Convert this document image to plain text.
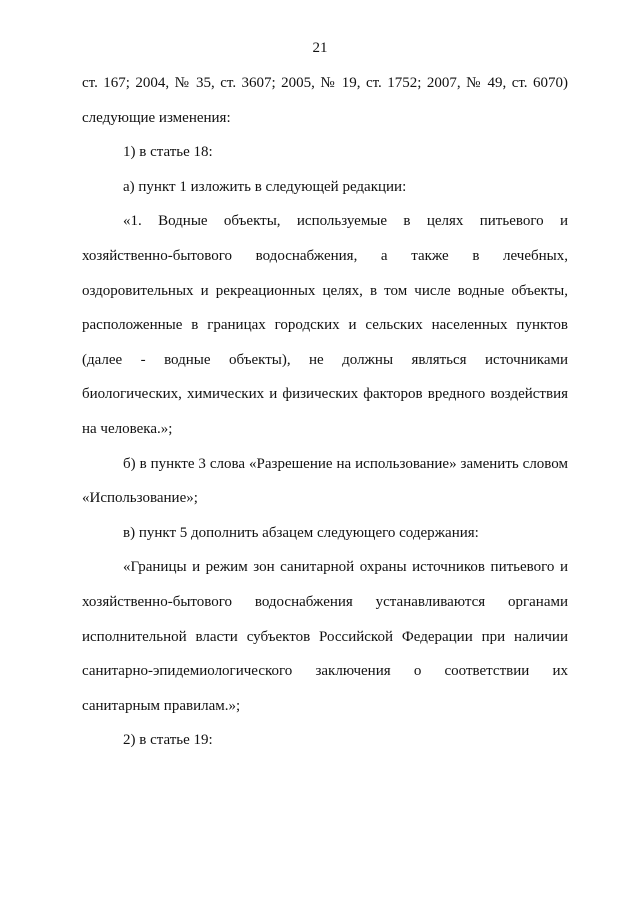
21
ст. 167; 2004, № 35, ст. 3607; 2005, № 19, ст. 1752; 2007, № 49, ст. 6070)
следующие изменения:
1) в статье 18:
а) пункт 1 изложить в следующей редакции:
«1. Водные объекты, используемые в целях питьевого и
хозяйственно-бытового водоснабжения, а также в лечебных,
оздоровительных и рекреационных целях, в том числе водные объекты,
расположенные в границах городских и сельских населенных пунктов
(далее - водные объекты), не должны являться источниками
биологических, химических и физических факторов вредного воздействия
на человека.»;
б) в пункте 3 слова «Разрешение на использование» заменить словом
«Использование»;
в) пункт 5 дополнить абзацем следующего содержания:
«Границы и режим зон санитарной охраны источников питьевого и
хозяйственно-бытового водоснабжения устанавливаются органами
исполнительной власти субъектов Российской Федерации при наличии
санитарно-эпидемиологического заключения о соответствии их
санитарным правилам.»;
2) в статье 19:
